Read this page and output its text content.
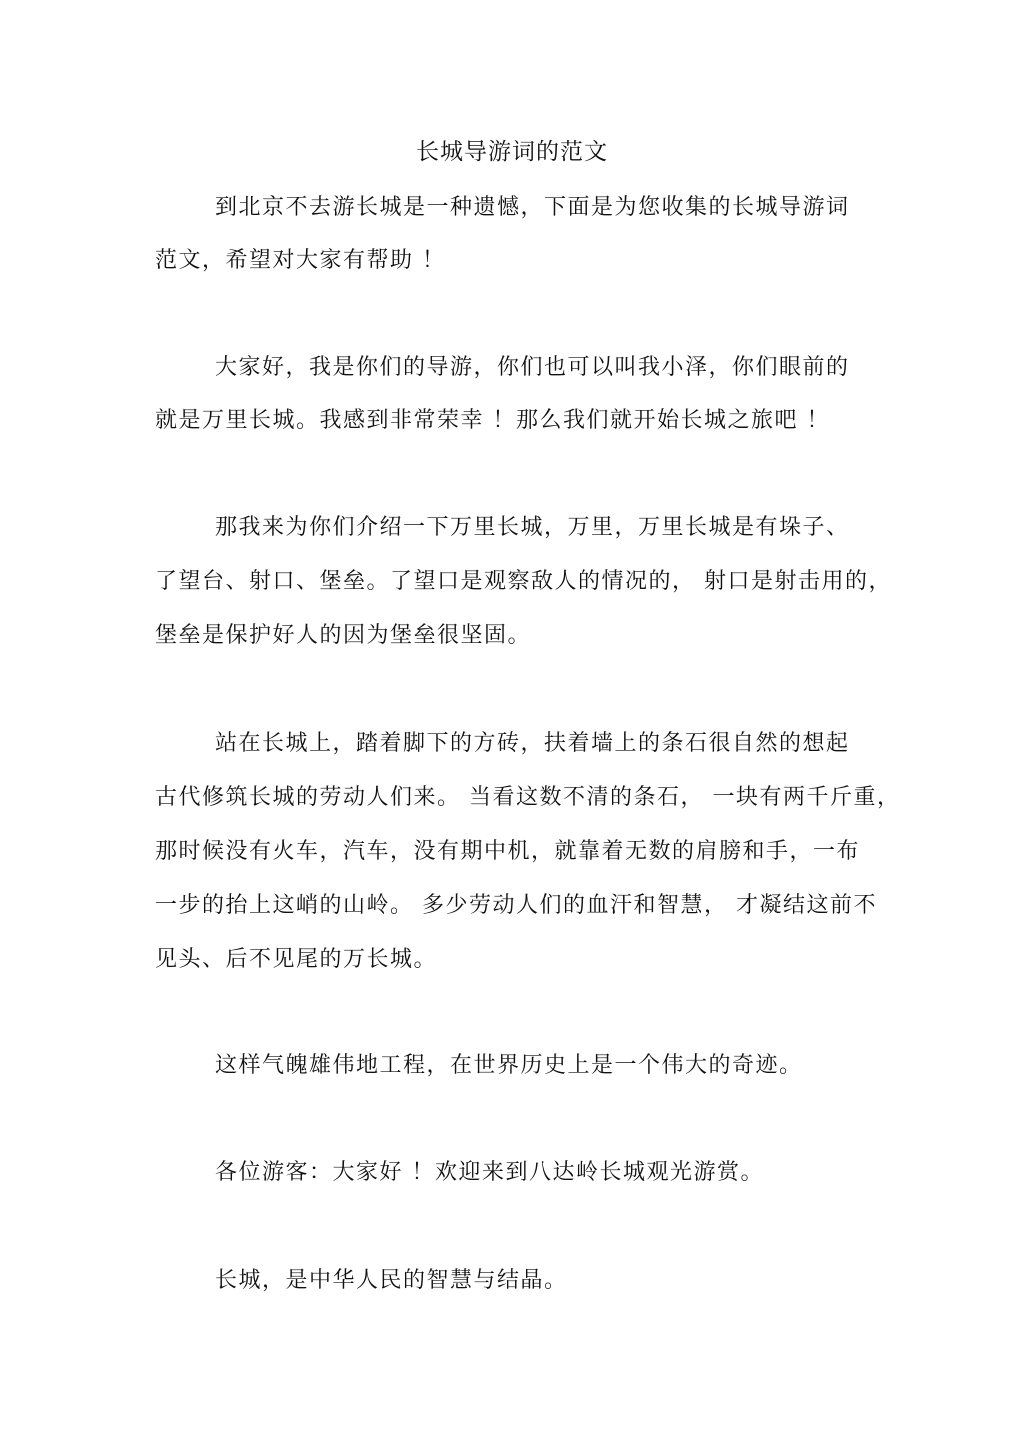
长城导游词的范文
到北京不去游长城是一种遗憾，下面是为您收集的长城导游词
范文，希望对大家有帮助 ！
大家好，我是你们的导游，你们也可以叫我小泽，你们眼前的
就是万里长城。我感到非常荣幸 ！那么我们就开始长城之旅吧 ！
那我来为你们介绍一下万里长城，万里，万里长城是有垛子、
了望台、射口、堡垒。了望口是观察敌人的情况的， 射口是射击用的，
堡垒是保护好人的因为堡垒很坚固。
站在长城上，踏着脚下的方砖，扶着墙上的条石很自然的想起
古代修筑长城的劳动人们来。 当看这数不清的条石， 一块有两千斤重，
那时候没有火车，汽车，没有期中机，就靠着无数的肩膀和手，一布
一步的抬上这峭的山岭。 多少劳动人们的血汗和智慧， 才凝结这前不
见头、后不见尾的万长城。
这样气魄雄伟地工程，在世界历史上是一个伟大的奇迹。
各位游客：大家好 ！欢迎来到八达岭长城观光游赏。
长城，是中华人民的智慧与结晶。
